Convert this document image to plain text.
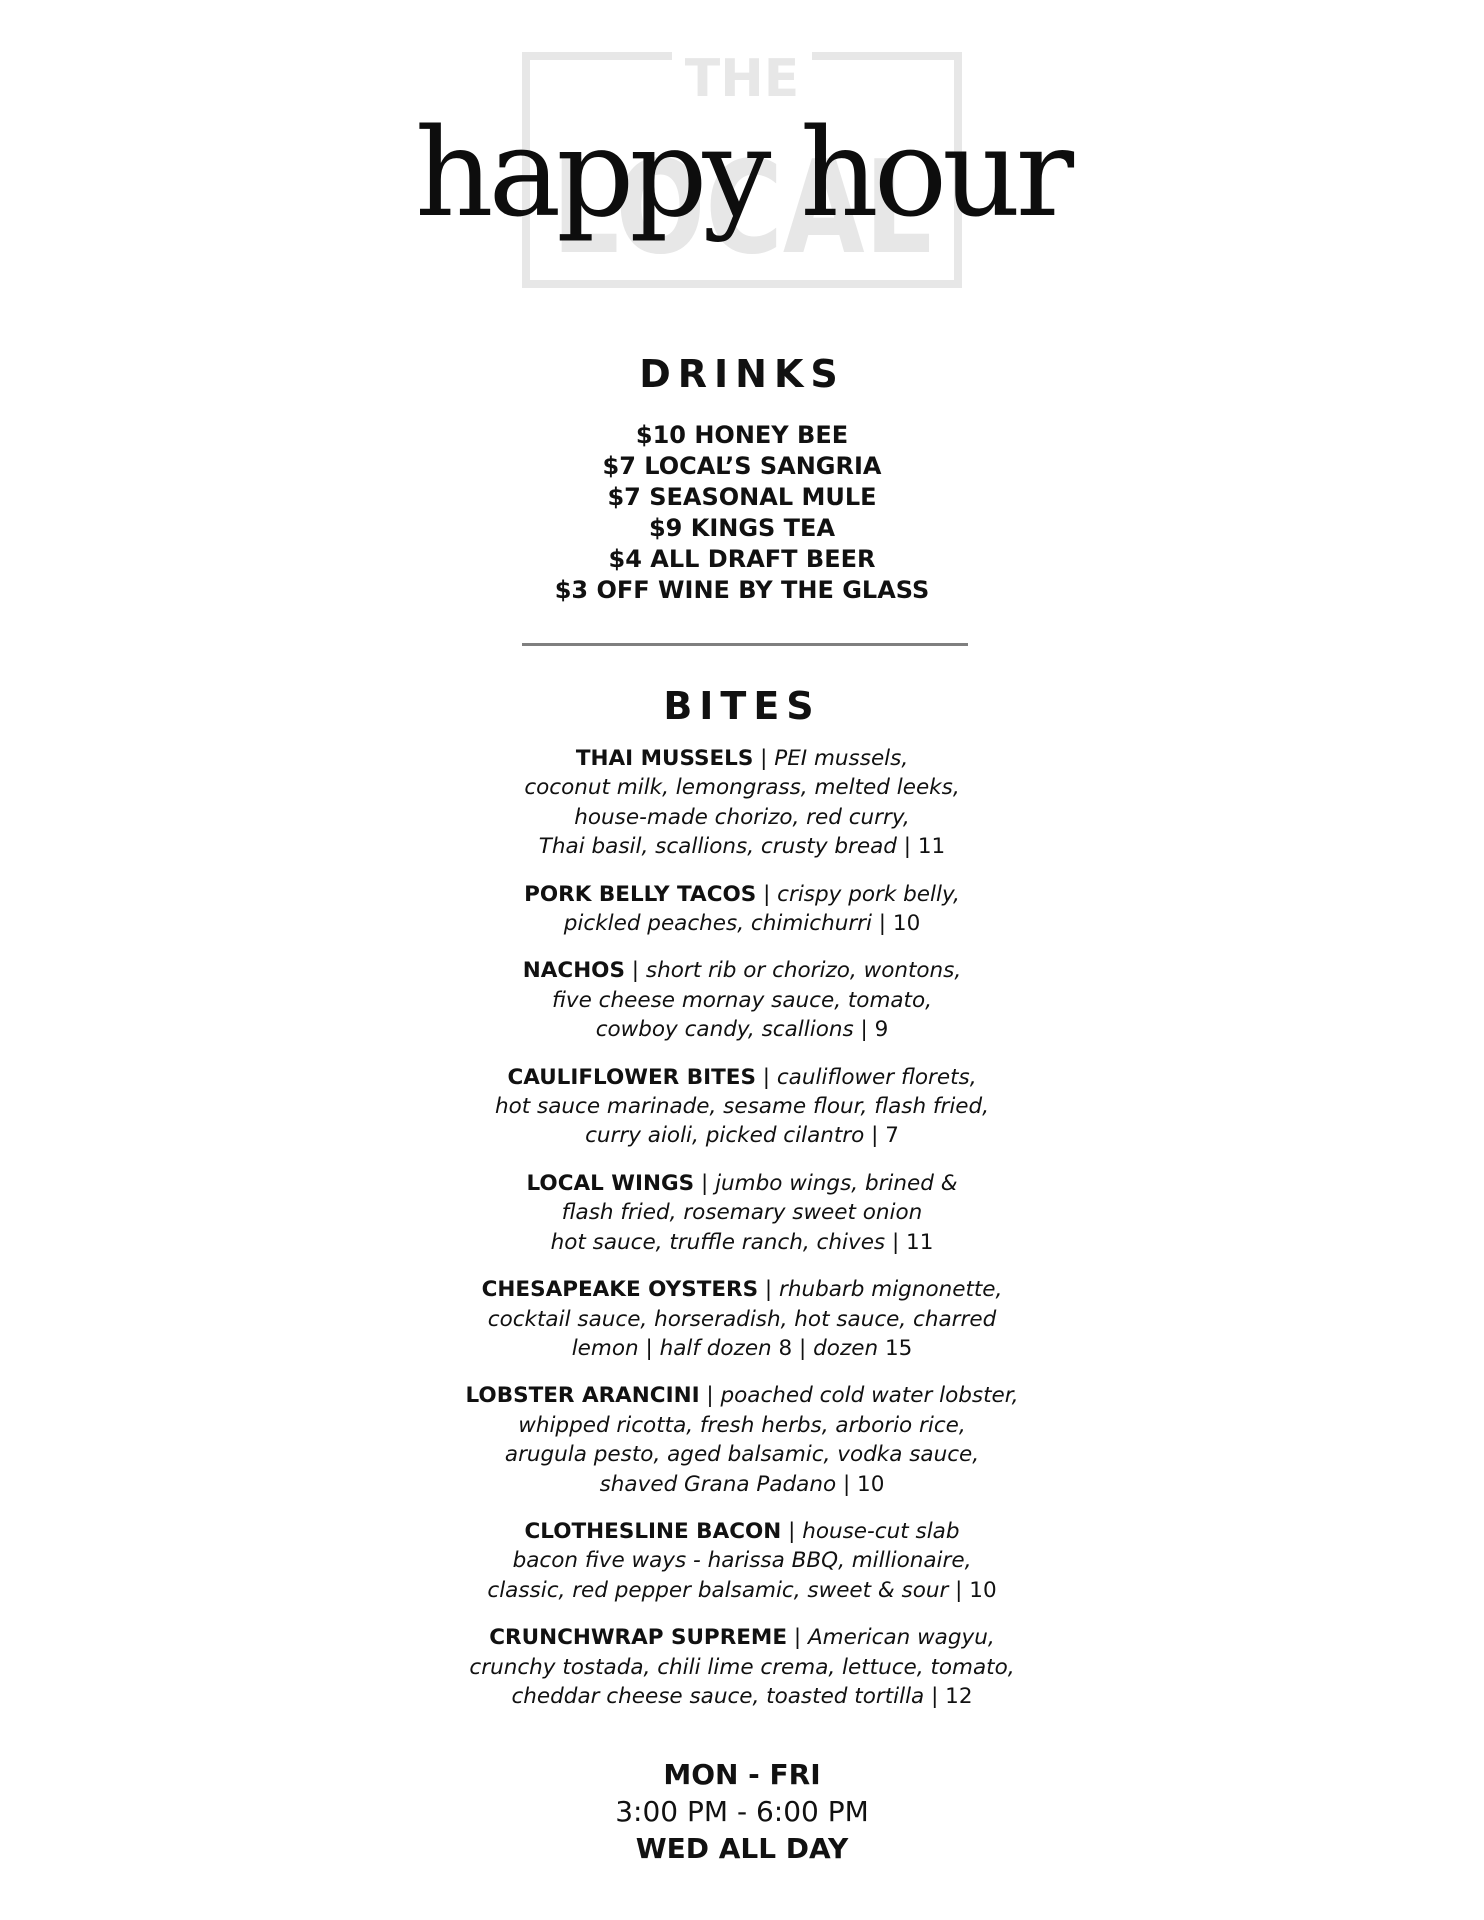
THE
LOCAL
happy hour
DRINKS
$10 HONEY BEE
$7 LOCAL’S SANGRIA
$7 SEASONAL MULE
$9 KINGS TEA
$4 ALL DRAFT BEER
$3 OFF WINE BY THE GLASS
BITES

THAI MUSSELS | PEI mussels,
coconut milk, lemongrass, melted leeks,
house-made chorizo, red curry,
Thai basil, scallions, crusty bread | 11

PORK BELLY TACOS | crispy pork belly,
pickled peaches, chimichurri | 10

NACHOS | short rib or chorizo, wontons,
five cheese mornay sauce, tomato,
cowboy candy, scallions | 9

CAULIFLOWER BITES | cauliflower florets,
hot sauce marinade, sesame flour, flash fried,
curry aioli, picked cilantro | 7

LOCAL WINGS | jumbo wings, brined &
flash fried, rosemary sweet onion
hot sauce, truffle ranch, chives | 11

CHESAPEAKE OYSTERS | rhubarb mignonette,
cocktail sauce, horseradish, hot sauce, charred
lemon | half dozen 8 | dozen 15

LOBSTER ARANCINI | poached cold water lobster,
whipped ricotta, fresh herbs, arborio rice,
arugula pesto, aged balsamic, vodka sauce,
shaved Grana Padano | 10

CLOTHESLINE BACON | house-cut slab
bacon five ways - harissa BBQ, millionaire,
classic, red pepper balsamic, sweet & sour | 10

CRUNCHWRAP SUPREME | American wagyu,
crunchy tostada, chili lime crema, lettuce, tomato,
cheddar cheese sauce, toasted tortilla | 12

MON - FRI
3:00 PM - 6:00 PM
WED ALL DAY
